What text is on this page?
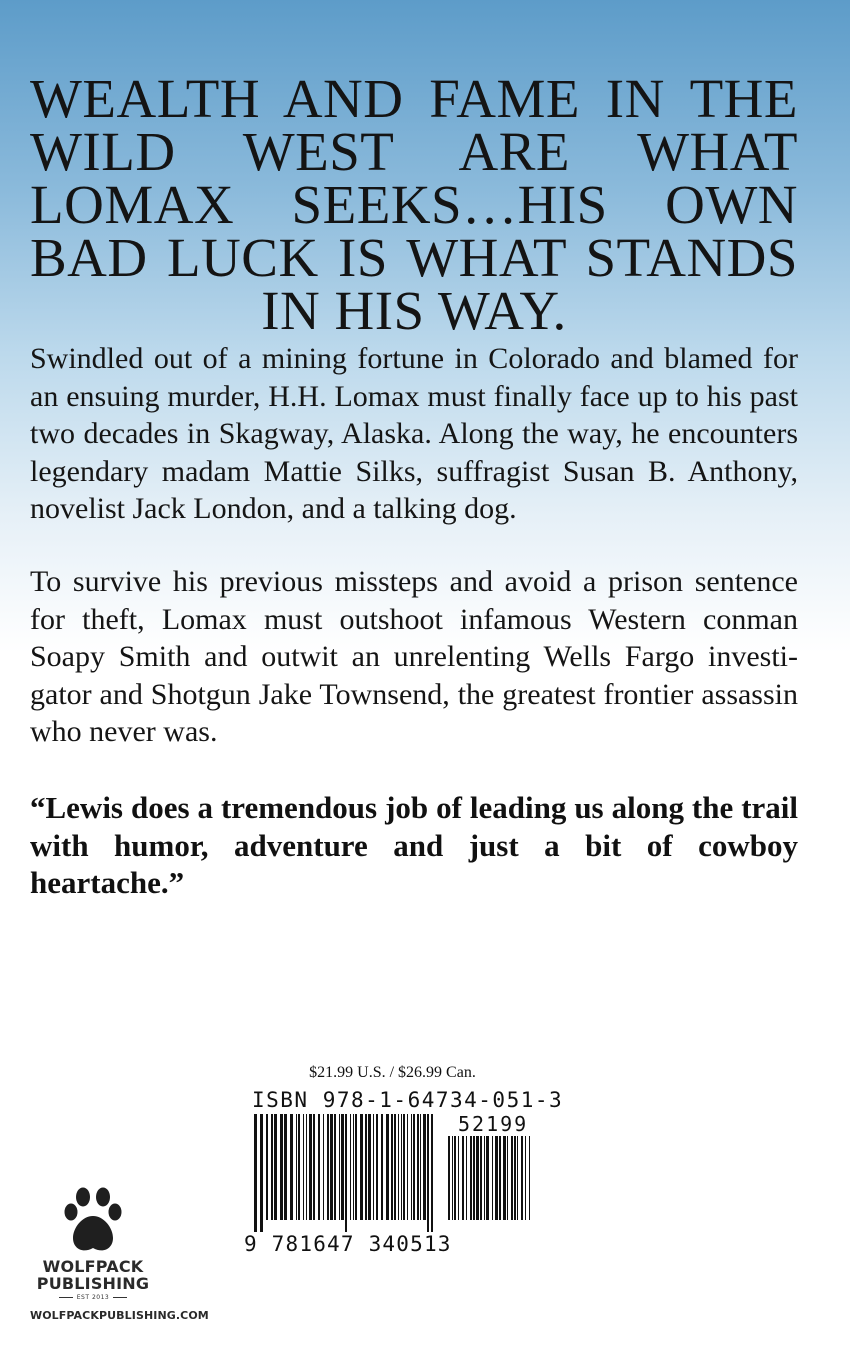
WEALTH AND FAME IN THE WILD WEST ARE WHAT LOMAX SEEKS…HIS OWN BAD LUCK IS WHAT STANDS IN HIS WAY.
Swindled out of a mining fortune in Colorado and blamed for an ensuing murder, H.H. Lomax must finally face up to his past two decades in Skagway, Alaska. Along the way, he encounters legendary madam Mattie Silks, suffragist Susan B. Anthony, novelist Jack London, and a talking dog.
To survive his previous missteps and avoid a prison sentence for theft, Lomax must outshoot infamous Western conman Soapy Smith and outwit an unrelenting Wells Fargo investigator and Shotgun Jake Townsend, the greatest frontier assassin who never was.
“Lewis does a tremendous job of leading us along the trail with humor, adventure and just a bit of cowboy heartache.”
$21.99 U.S. / $26.99 Can.
ISBN 978-1-64734-051-3
52199
9 781647 340513
WOLFPACK
PUBLISHING
EST 2013
WOLFPACKPUBLISHING.COM
